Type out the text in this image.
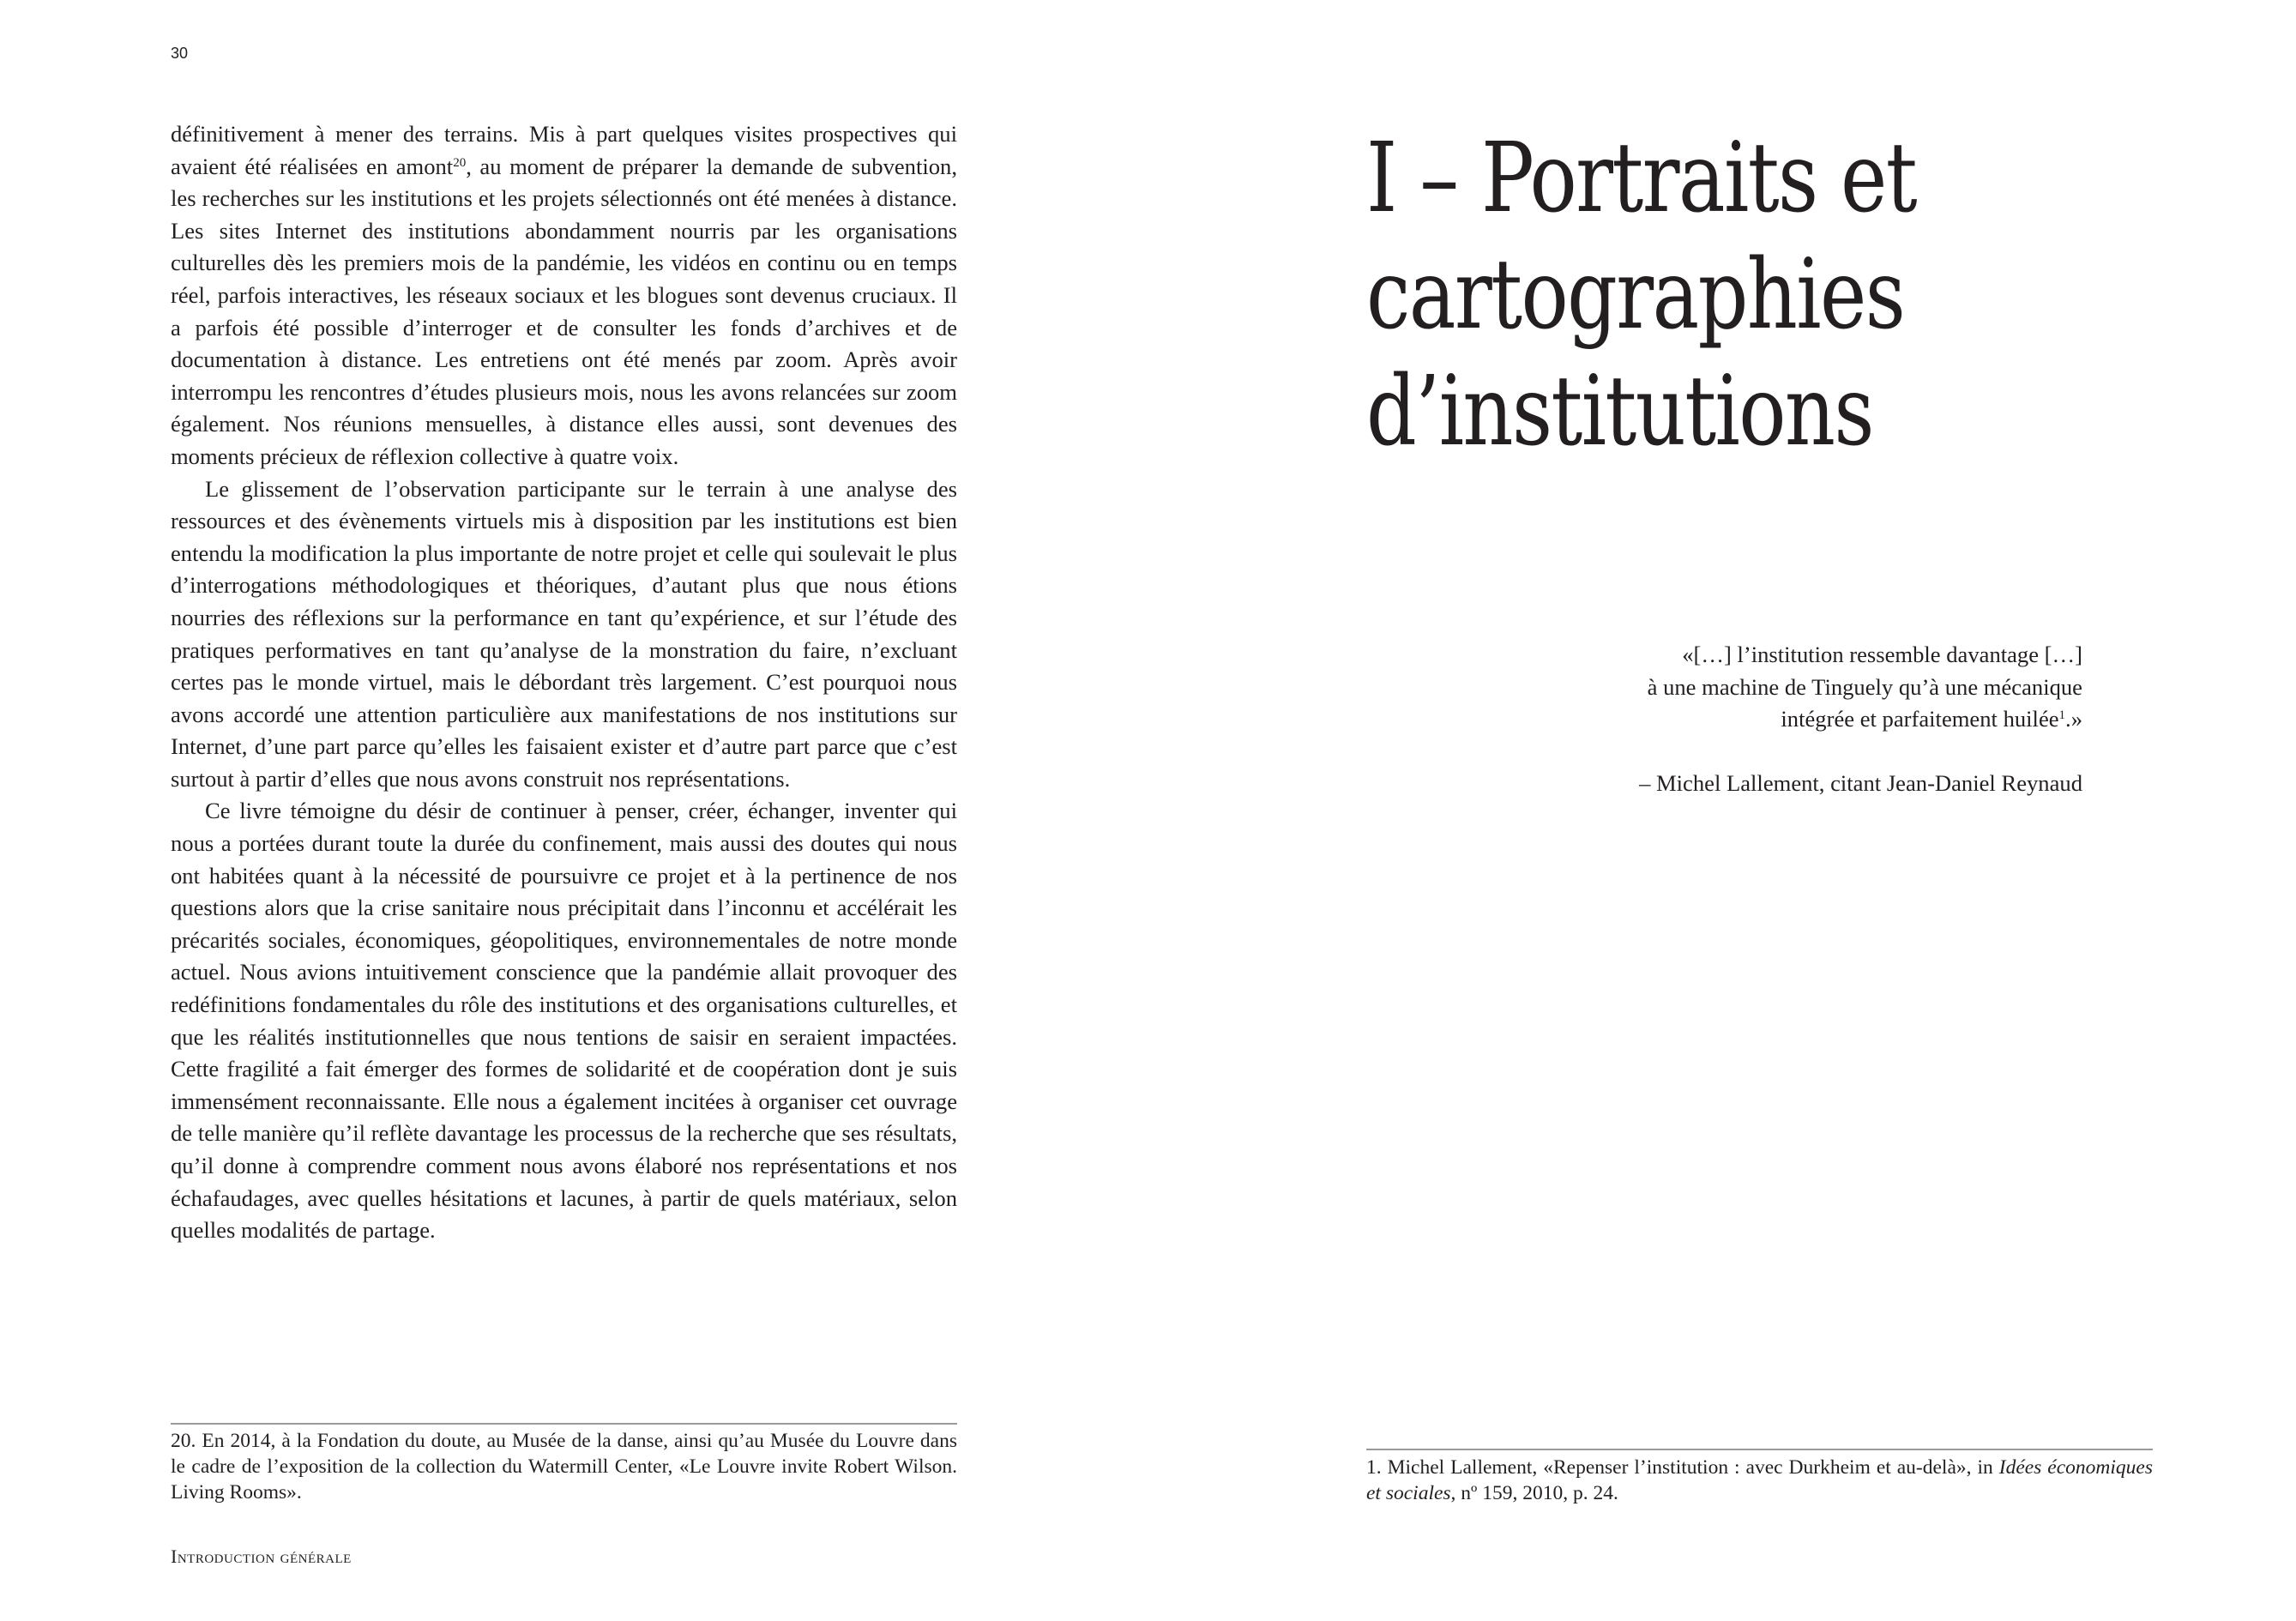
30

définitivement à mener des terrains. Mis à part quelques visites prospectives qui avaient été réalisées en amont$^{20}$, au moment de préparer la demande de subvention, les recherches sur les institutions et les projets sélectionnés ont été menées à distance. Les sites Internet des institutions abondamment nourris par les organisations culturelles dès les premiers mois de la pandémie, les vidéos en continu ou en temps réel, parfois interactives, les réseaux sociaux et les blogues sont devenus cruciaux. Il a parfois été possible d’interroger et de consulter les fonds d’archives et de documentation à distance. Les entretiens ont été menés par zoom. Après avoir interrompu les rencontres d’études plusieurs mois, nous les avons relancées sur zoom également. Nos réunions mensuelles, à distance elles aussi, sont devenues des moments précieux de réflexion collective à quatre voix.

Le glissement de l’observation participante sur le terrain à une analyse des ressources et des évènements virtuels mis à disposition par les institutions est bien entendu la modification la plus importante de notre projet et celle qui soulevait le plus d’interrogations méthodologiques et théoriques, d’autant plus que nous étions nourries des réflexions sur la performance en tant qu’expérience, et sur l’étude des pratiques performatives en tant qu’analyse de la monstration du faire, n’excluant certes pas le monde virtuel, mais le débordant très largement. C’est pourquoi nous avons accordé une attention particulière aux manifestations de nos institutions sur Internet, d’une part parce qu’elles les faisaient exister et d’autre part parce que c’est surtout à partir d’elles que nous avons construit nos représentations.

Ce livre témoigne du désir de continuer à penser, créer, échanger, inventer qui nous a portées durant toute la durée du confinement, mais aussi des doutes qui nous ont habitées quant à la nécessité de poursuivre ce projet et à la pertinence de nos questions alors que la crise sanitaire nous précipitait dans l’inconnu et accélérait les précarités sociales, économiques, géopolitiques, environnementales de notre monde actuel. Nous avions intuitivement conscience que la pandémie allait provoquer des redéfinitions fondamentales du rôle des institutions et des organisations culturelles, et que les réalités institutionnelles que nous tentions de saisir en seraient impactées. Cette fragilité a fait émerger des formes de solidarité et de coopération dont je suis immensément reconnaissante. Elle nous a également incitées à organiser cet ouvrage de telle manière qu’il reflète davantage les processus de la recherche que ses résultats, qu’il donne à comprendre comment nous avons élaboré nos représentations et nos échafaudages, avec quelles hésitations et lacunes, à partir de quels matériaux, selon quelles modalités de partage.

20. En 2014, à la Fondation du doute, au Musée de la danse, ainsi qu’au Musée du Louvre dans le cadre de l’exposition de la collection du Watermill Center, «Le Louvre invite Robert Wilson. Living Rooms».

Introduction générale
I – Portraits et
cartographies
d’institutions

«[…] l’institution ressemble davantage […]

à une machine de Tinguely qu’à une mécanique

intégrée et parfaitement huilée$^1$.»

– Michel Lallement, citant Jean-Daniel Reynaud

1. Michel Lallement, «Repenser l’institution : avec Durkheim et au-delà», in Idées économiques et sociales, nº 159, 2010, p. 24.
